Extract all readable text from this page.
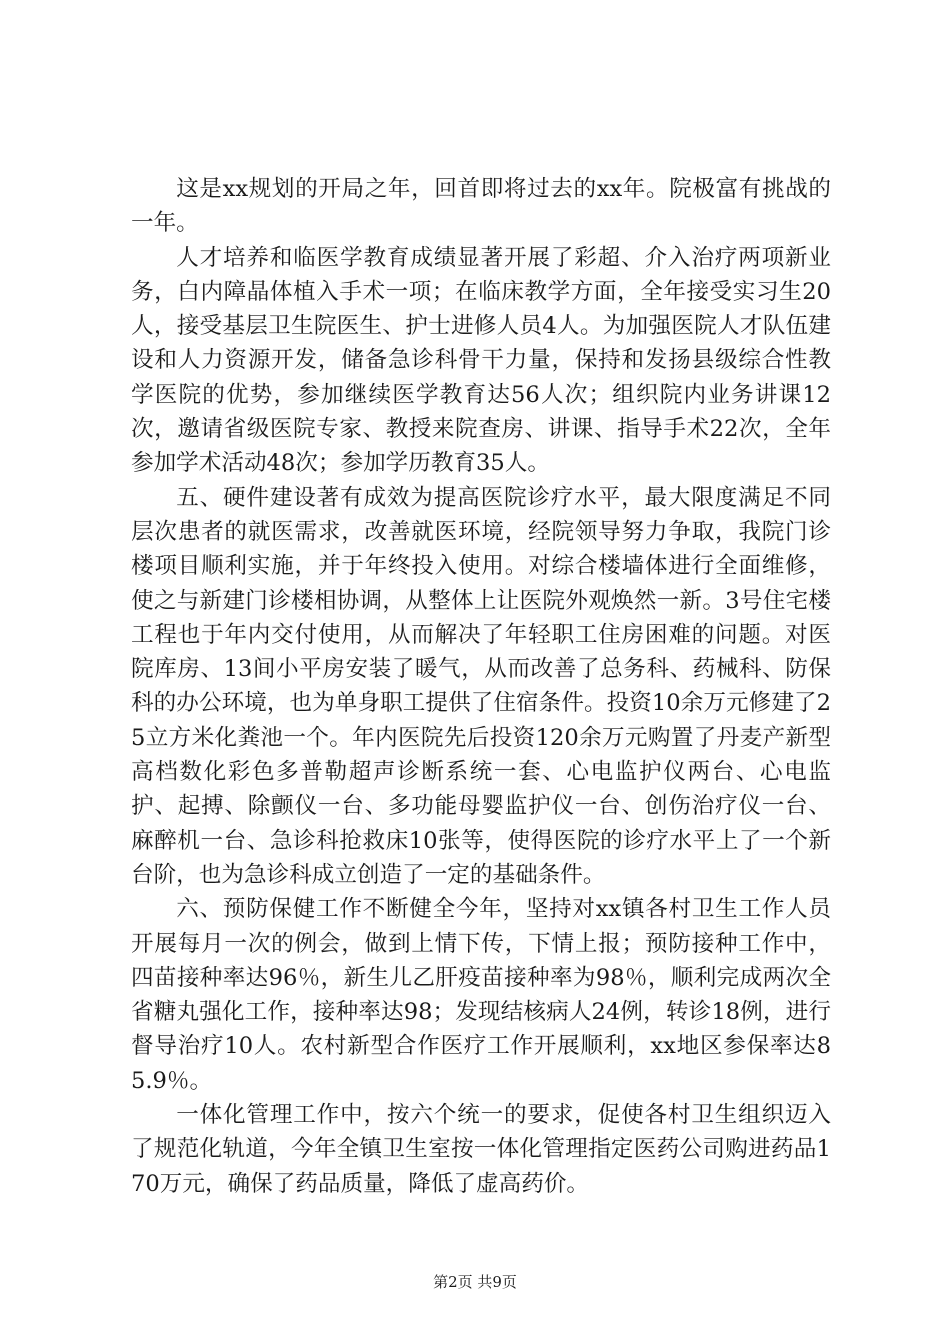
这是xx规划的开局之年，回首即将过去的xx年。院极富有挑战的一年。

人才培养和临医学教育成绩显著开展了彩超、介入治疗两项新业务，白内障晶体植入手术一项；在临床教学方面，全年接受实习生20人，接受基层卫生院医生、护士进修人员4人。为加强医院人才队伍建设和人力资源开发，储备急诊科骨干力量，保持和发扬县级综合性教学医院的优势，参加继续医学教育达56人次；组织院内业务讲课12次，邀请省级医院专家、教授来院查房、讲课、指导手术22次，全年参加学术活动48次；参加学历教育35人。

五、硬件建设著有成效为提高医院诊疗水平，最大限度满足不同层次患者的就医需求，改善就医环境，经院领导努力争取，我院门诊楼项目顺利实施，并于年终投入使用。对综合楼墙体进行全面维修，使之与新建门诊楼相协调，从整体上让医院外观焕然一新。3号住宅楼工程也于年内交付使用，从而解决了年轻职工住房困难的问题。对医院库房、13间小平房安装了暖气，从而改善了总务科、药械科、防保科的办公环境，也为单身职工提供了住宿条件。投资10余万元修建了25立方米化粪池一个。年内医院先后投资120余万元购置了丹麦产新型高档数化彩色多普勒超声诊断系统一套、心电监护仪两台、心电监护、起搏、除颤仪一台、多功能母婴监护仪一台、创伤治疗仪一台、麻醉机一台、急诊科抢救床10张等，使得医院的诊疗水平上了一个新台阶，也为急诊科成立创造了一定的基础条件。

六、预防保健工作不断健全今年，坚持对xx镇各村卫生工作人员开展每月一次的例会，做到上情下传，下情上报；预防接种工作中，四苗接种率达96％，新生儿乙肝疫苗接种率为98％，顺利完成两次全省糖丸强化工作，接种率达98；发现结核病人24例，转诊18例，进行督导治疗10人。农村新型合作医疗工作开展顺利，xx地区参保率达85.9％。

一体化管理工作中，按六个统一的要求，促使各村卫生组织迈入了规范化轨道，今年全镇卫生室按一体化管理指定医药公司购进药品170万元，确保了药品质量，降低了虚高药价。

第2页 共9页
